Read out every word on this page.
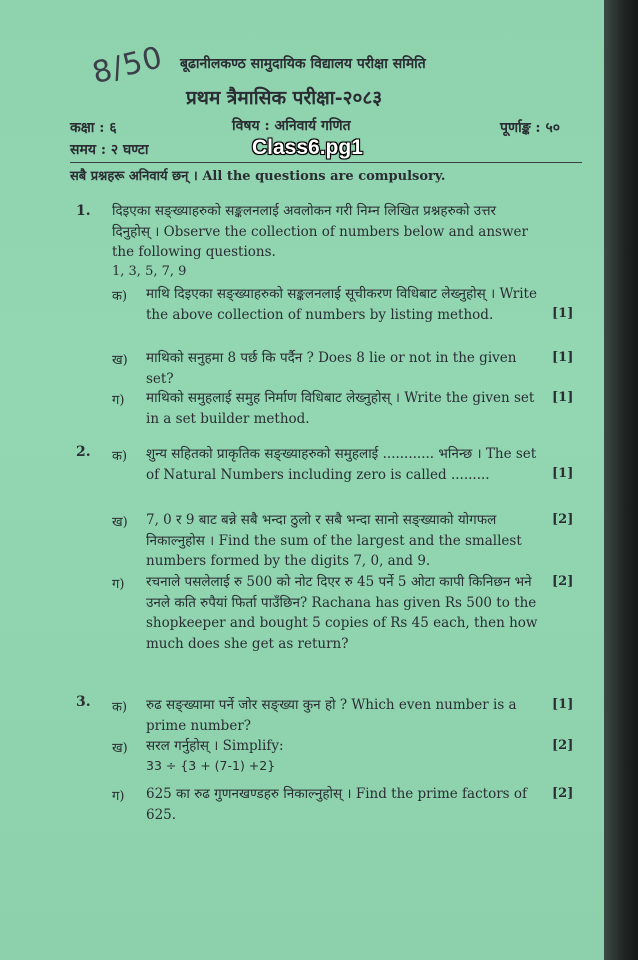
8/50 बूढानीलकण्ठ सामुदायिक विद्यालय परीक्षा समिति
प्रथम त्रैमासिक परीक्षा-२०८३
कक्षा : ६	विषय : अनिवार्य गणित	पूर्णाङ्क : ५०
समय : २ घण्टा	Class6.pg1
सबै प्रश्नहरू अनिवार्य छन् । All the questions are compulsory.
1. दिइएका सङ्ख्याहरुको सङ्कलनलाई अवलोकन गरी निम्न लिखित प्रश्नहरुको उत्तर दिनुहोस् । Observe the collection of numbers below and answer the following questions.
1, 3, 5, 7, 9
क) माथि दिइएका सङ्ख्याहरुको सङ्कलनलाई सूचीकरण विधिबाट लेख्नुहोस् । Write the above collection of numbers by listing method.	[1]
ख) माथिको सनुहमा 8 पर्छ कि पर्दैन ? Does 8 lie or not in the given set?
[1]
ग) माथिको समुहलाई समुह निर्माण विधिबाट लेख्नुहोस् । Write the given set in a set builder method.
[1]
2. क) शुन्य सहितको प्राकृतिक सङ्ख्याहरुको समुहलाई ............ भनिन्छ । The set of Natural Numbers including zero is called .........	[1]
ख) 7, 0 र 9 बाट बन्ने सबै भन्दा ठुलो र सबै भन्दा सानो सङ्ख्याको योगफल निकाल्नुहोस । Find the sum of the largest and the smallest numbers formed by the digits 7, 0, and 9.
[2]
ग) रचनाले पसलेलाई रु 500 को नोट दिएर रु 45 पर्ने 5 ओटा कापी किनिछन भने उनले कति रुपैयां फिर्ता पाउँछिन? Rachana has given Rs 500 to the shopkeeper and bought 5 copies of Rs 45 each, then how much does she get as return?
[2]
3. क) रुढ सङ्ख्यामा पर्ने जोर सङ्ख्या कुन हो ? Which even number is a prime number?
[1]
ख) सरल गर्नुहोस् । Simplify:
33 ÷ {3 + (7-1) +2}
[2]
ग) 625 का रुढ गुणनखण्डहरु निकाल्नुहोस् । Find the prime factors of 625.
[2]
